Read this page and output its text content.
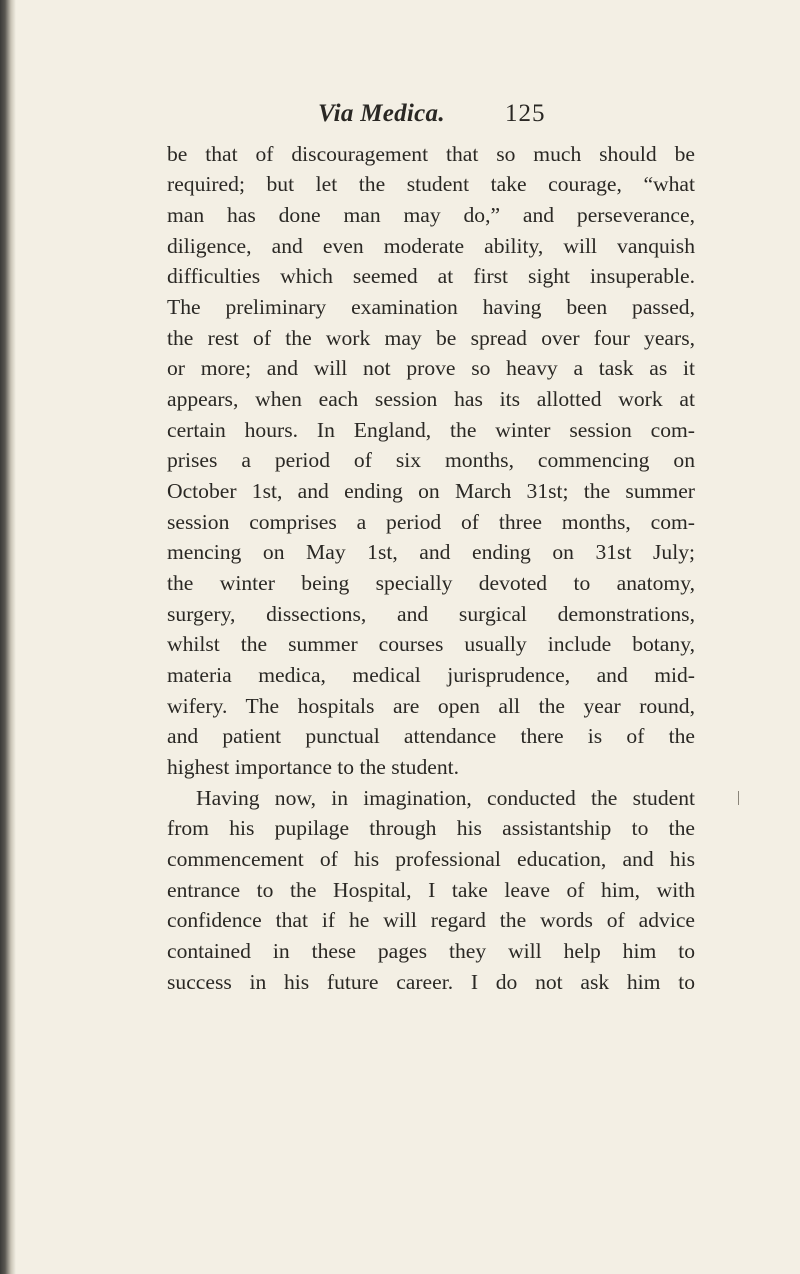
Via Medica. 125
be that of discouragement that so much should be
required; but let the student take courage, “what
man has done man may do,” and perseverance,
diligence, and even moderate ability, will vanquish
difficulties which seemed at first sight insuperable.
The preliminary examination having been passed,
the rest of the work may be spread over four years,
or more; and will not prove so heavy a task as it
appears, when each session has its allotted work at
certain hours. In England, the winter session com-
prises a period of six months, commencing on
October 1st, and ending on March 31st; the summer
session comprises a period of three months, com-
mencing on May 1st, and ending on 31st July;
the winter being specially devoted to anatomy,
surgery, dissections, and surgical demonstrations,
whilst the summer courses usually include botany,
materia medica, medical jurisprudence, and mid-
wifery. The hospitals are open all the year round,
and patient punctual attendance there is of the
highest importance to the student.
Having now, in imagination, conducted the student
from his pupilage through his assistantship to the
commencement of his professional education, and his
entrance to the Hospital, I take leave of him, with
confidence that if he will regard the words of advice
contained in these pages they will help him to
success in his future career. I do not ask him to
